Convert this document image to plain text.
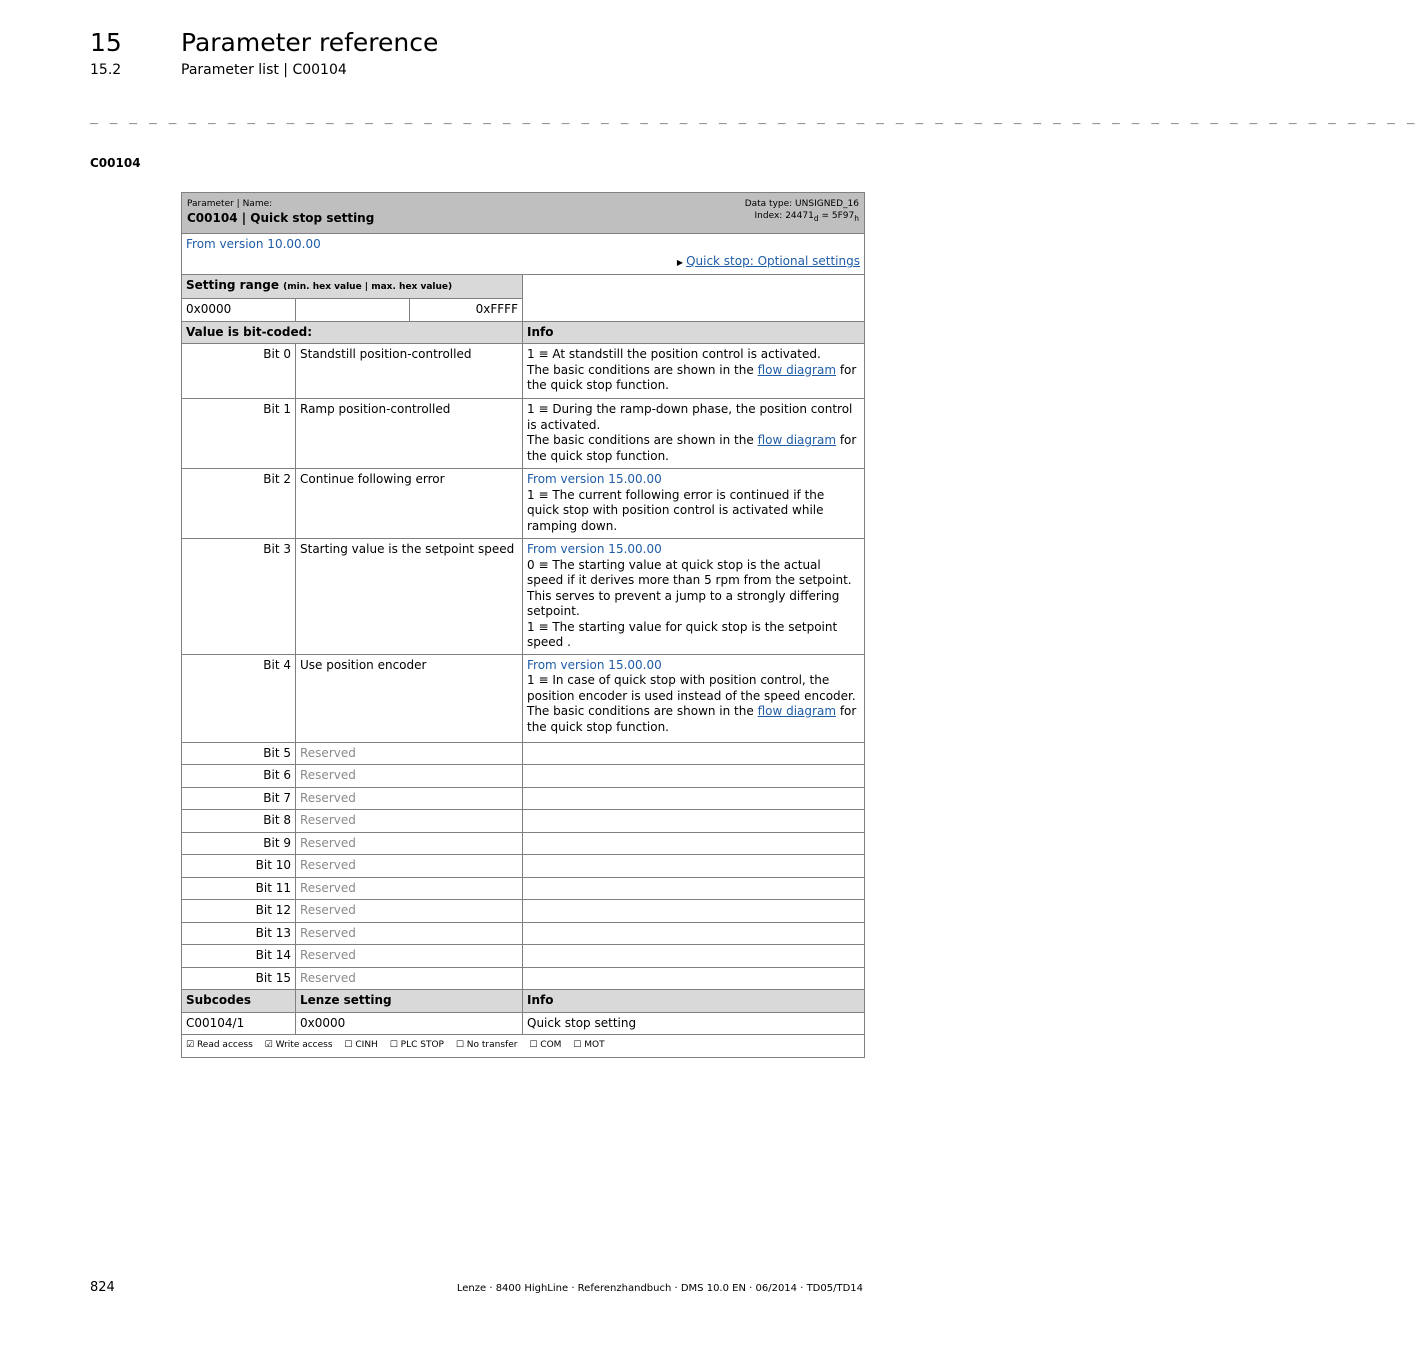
15 Parameter reference
15.2	Parameter list | C00104
_ _ _ _ _ _ _ _ _ _ _ _ _ _ _ _ _ _ _ _ _ _ _ _ _ _ _ _ _ _ _ _ _ _ _ _ _ _ _ _ _ _ _ _ _ _ _ _ _ _ _ _ _ _ _ _ _ _ _ _ _ _ _ _ _ _ _ _
C00104
Parameter | Name:
C00104 | Quick stop setting
Data type: UNSIGNED_16
Index: $24471_d = 5F97_h$

From version 10.00.00
▶ Quick stop: Optional settings			

Setting range (min. hex value | max. hex value)			
0x0000		0xFFFF	
Value is bit-coded:			Info
Bit 0	Standstill position-controlled		1 ≡ At standstill the position control is activated.
The basic conditions are shown in the flow diagram for the quick stop function.

Bit 1	Ramp position-controlled		1 ≡ During the ramp-down phase, the position control is activated.
The basic conditions are shown in the flow diagram for the quick stop function.

Bit 2	Continue following error		From version 15.00.00
1 ≡ The current following error is continued if the quick stop with position control is activated while ramping down.

Bit 3	Starting value is the setpoint speed		From version 15.00.00
0 ≡ The starting value at quick stop is the actual speed if it derives more than 5 rpm from the setpoint. This serves to prevent a jump to a strongly differing setpoint.
1 ≡ The starting value for quick stop is the setpoint speed .

Bit 4	Use position encoder		From version 15.00.00
1 ≡ In case of quick stop with position control, the position encoder is used instead of the speed encoder.
The basic conditions are shown in the flow diagram for the quick stop function.

Bit 5	Reserved		
Bit 6	Reserved		
Bit 7	Reserved		
Bit 8	Reserved		
Bit 9	Reserved		
Bit 10	Reserved		
Bit 11	Reserved		
Bit 12	Reserved		
Bit 13	Reserved		
Bit 14	Reserved		
Bit 15	Reserved		
Subcodes	Lenze setting		Info
C00104/1	0x0000		Quick stop setting
☑ Read access ☑ Write access ☐ CINH ☐ PLC STOP ☐ No transfer ☐ COM ☐ MOT			
824	Lenze · 8400 HighLine · Referenzhandbuch · DMS 10.0 EN · 06/2014 · TD05/TD14
